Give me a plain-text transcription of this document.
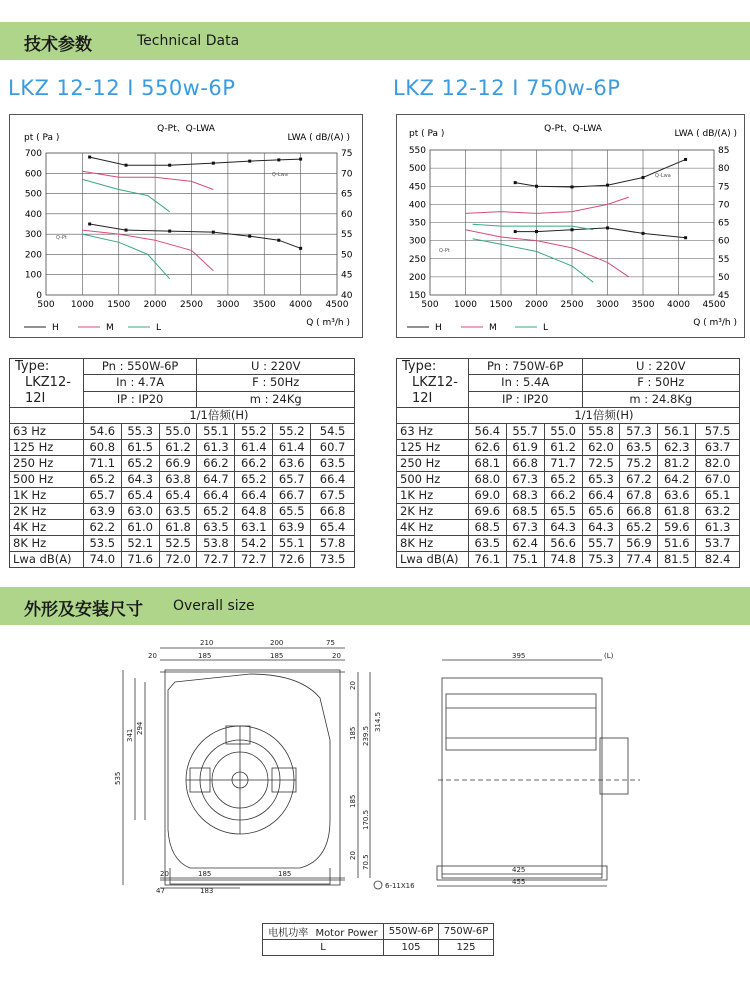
技术参数	Technical Data
LKZ 12-12 I 550w-6P	LKZ 12-12 I 750w-6P
Q-Pt、Q-LWA
pt ( Pa )	LWA ( dB/(A) )
Q ( m³/h )
Q-Lwa
Q-Pt
H	M	L
500 1000 1500 2000 2500 3000 3500 4000 4500
0
100
200
300
400
500
600
700
40
45
50
55
60
65
70
75
Q-Pt、Q-LWA
pt ( Pa )	LWA ( dB/(A) )
Q ( m³/h )
Q-Lwa
Q-Pt
H	M	L
500 1000 1500 2000 2500 3000 3500 4000 4500
150
200
250
300
350
400
450
500
550
45
50
55
60
65
70
75
80
85
Type:
LKZ12-12I	Pn : 550W-6P			U : 220V			
	In : 4.7A			F : 50Hz			
	IP : IP20			m : 24Kg			
	1/1倍频(H)						
63 Hz	54.6	55.3	55.0	55.1	55.2	55.2	54.5
125 Hz	60.8	61.5	61.2	61.3	61.4	61.4	60.7
250 Hz	71.1	65.2	66.9	66.2	66.2	63.6	63.5
500 Hz	65.2	64.3	63.8	64.7	65.2	65.7	66.4
1K Hz	65.7	65.4	65.4	66.4	66.4	66.7	67.5
2K Hz	63.9	63.0	63.5	65.2	64.8	65.5	66.8
4K Hz	62.2	61.0	61.8	63.5	63.1	63.9	65.4
8K Hz	53.5	52.1	52.5	53.8	54.2	55.1	57.8
Lwa dB(A)	74.0	71.6	72.0	72.7	72.7	72.6	73.5
Type:
LKZ12-12I	Pn : 750W-6P			U : 220V			
	In : 5.4A			F : 50Hz			
	IP : IP20			m : 24.8Kg			
	1/1倍频(H)						
63 Hz	56.4	55.7	55.0	55.8	57.3	56.1	57.5
125 Hz	62.6	61.9	61.2	62.0	63.5	62.3	63.7
250 Hz	68.1	66.8	71.7	72.5	75.2	81.2	82.0
500 Hz	68.0	67.3	65.2	65.3	67.2	64.2	67.0
1K Hz	69.0	68.3	66.2	66.4	67.8	63.6	65.1
2K Hz	69.6	68.5	65.5	65.6	66.8	61.8	63.2
4K Hz	68.5	67.3	64.3	64.3	65.2	59.6	61.3
8K Hz	63.5	62.4	56.6	55.7	56.9	51.6	53.7
Lwa dB(A)	76.1	75.1	74.8	75.3	77.4	81.5	82.4
外形及安装尺寸 Overall size
210	200	75
20	185	185	20
535
341
294
20
314.5
185 239.5
185
170.5
20 70.5
20	185	185
47	183
6-11X16
395	(L)
425
455
电机功率 Motor Power	550W-6P	750W-6P
L	105	125
